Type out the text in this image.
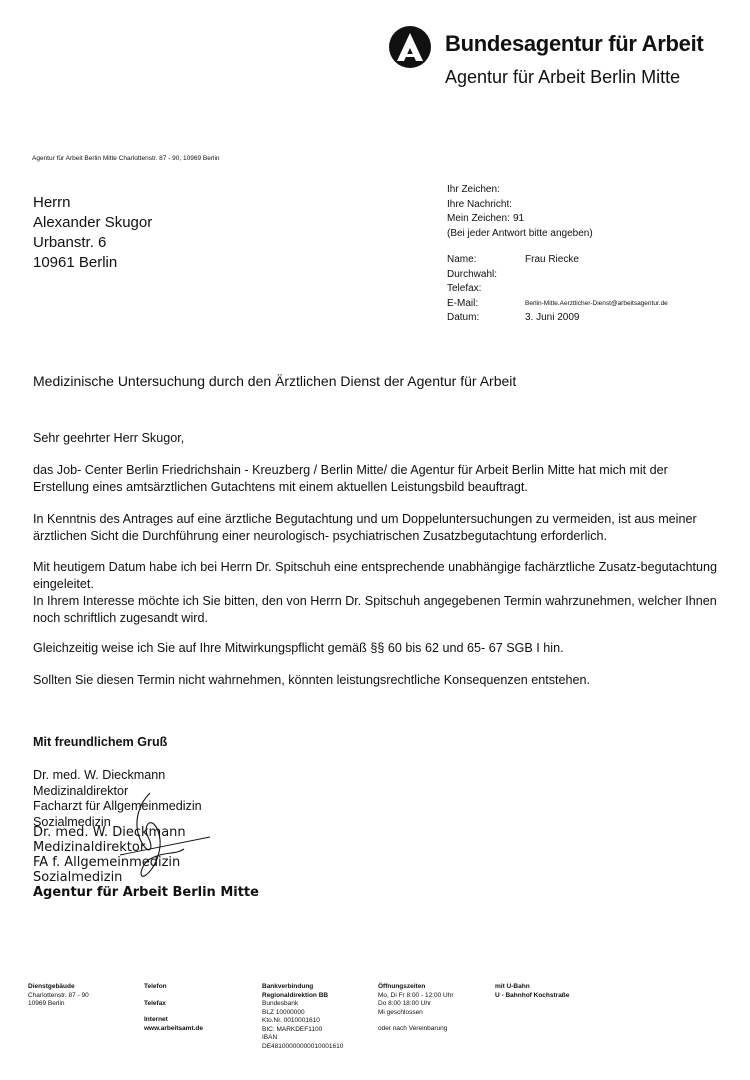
Bundesagentur für Arbeit
Agentur für Arbeit Berlin Mitte
Agentur für Arbeit Berlin Mitte Charlottenstr. 87 - 90, 10969 Berlin
Herrn
Alexander Skugor
Urbanstr. 6
10961 Berlin
Ihr Zeichen:
Ihre Nachricht:
Mein Zeichen: 91
(Bei jeder Antwort bitte angeben)
Name:	Frau Riecke
Durchwahl:
Telefax:
E-Mail:	Berlin-Mitte.Aerztlicher-Dienst@arbeitsagentur.de
Datum:	3. Juni 2009
Medizinische Untersuchung durch den Ärztlichen Dienst der Agentur für Arbeit
Sehr geehrter Herr Skugor,
das Job- Center Berlin Friedrichshain - Kreuzberg / Berlin Mitte/ die Agentur für Arbeit Berlin Mitte hat mich mit der Erstellung eines amtsärztlichen Gutachtens mit einem aktuellen Leistungsbild beauftragt.
In Kenntnis des Antrages auf eine ärztliche Begutachtung und um Doppeluntersuchungen zu vermeiden, ist aus meiner ärztlichen Sicht die Durchführung einer neurologisch- psychiatrischen Zusatzbegutachtung erforderlich.
Mit heutigem Datum habe ich bei Herrn Dr. Spitschuh eine entsprechende unabhängige fachärztliche Zusatz-begutachtung eingeleitet.
In Ihrem Interesse möchte ich Sie bitten, den von Herrn Dr. Spitschuh angegebenen Termin wahrzunehmen, welcher Ihnen noch schriftlich zugesandt wird.
Gleichzeitig weise ich Sie auf Ihre Mitwirkungspflicht gemäß §§ 60 bis 62 und 65- 67 SGB I hin.
Sollten Sie diesen Termin nicht wahrnehmen, könnten leistungsrechtliche Konsequenzen entstehen.
Mit freundlichem Gruß
Dr. med. W. Dieckmann
Medizinaldirektor
Facharzt für Allgemeinmedizin
Sozialmedizin
Dr. med. W. Dieckmann
Medizinaldirektor
FA f. Allgemeinmedizin
Sozialmedizin
Agentur für Arbeit Berlin Mitte
Dienstgebäude
Charlottenstr. 87 - 90
10969 Berlin
Telefon
Telefax
Internet
www.arbeitsamt.de
Bankverbindung
Regionaldirektion BB
Bundesbank
BLZ 10000000
Kto.Nr. 0010001610
BIC: MARKDEF1100
IBAN
DE48100000000010001610
Öffnungszeiten
Mo, Di Fr 8:00 - 12:00 Uhr
Do 8:00 18:00 Uhr
Mi geschlossen
oder nach Vereinbarung
mit U-Bahn
U - Bahnhof Kochstraße
